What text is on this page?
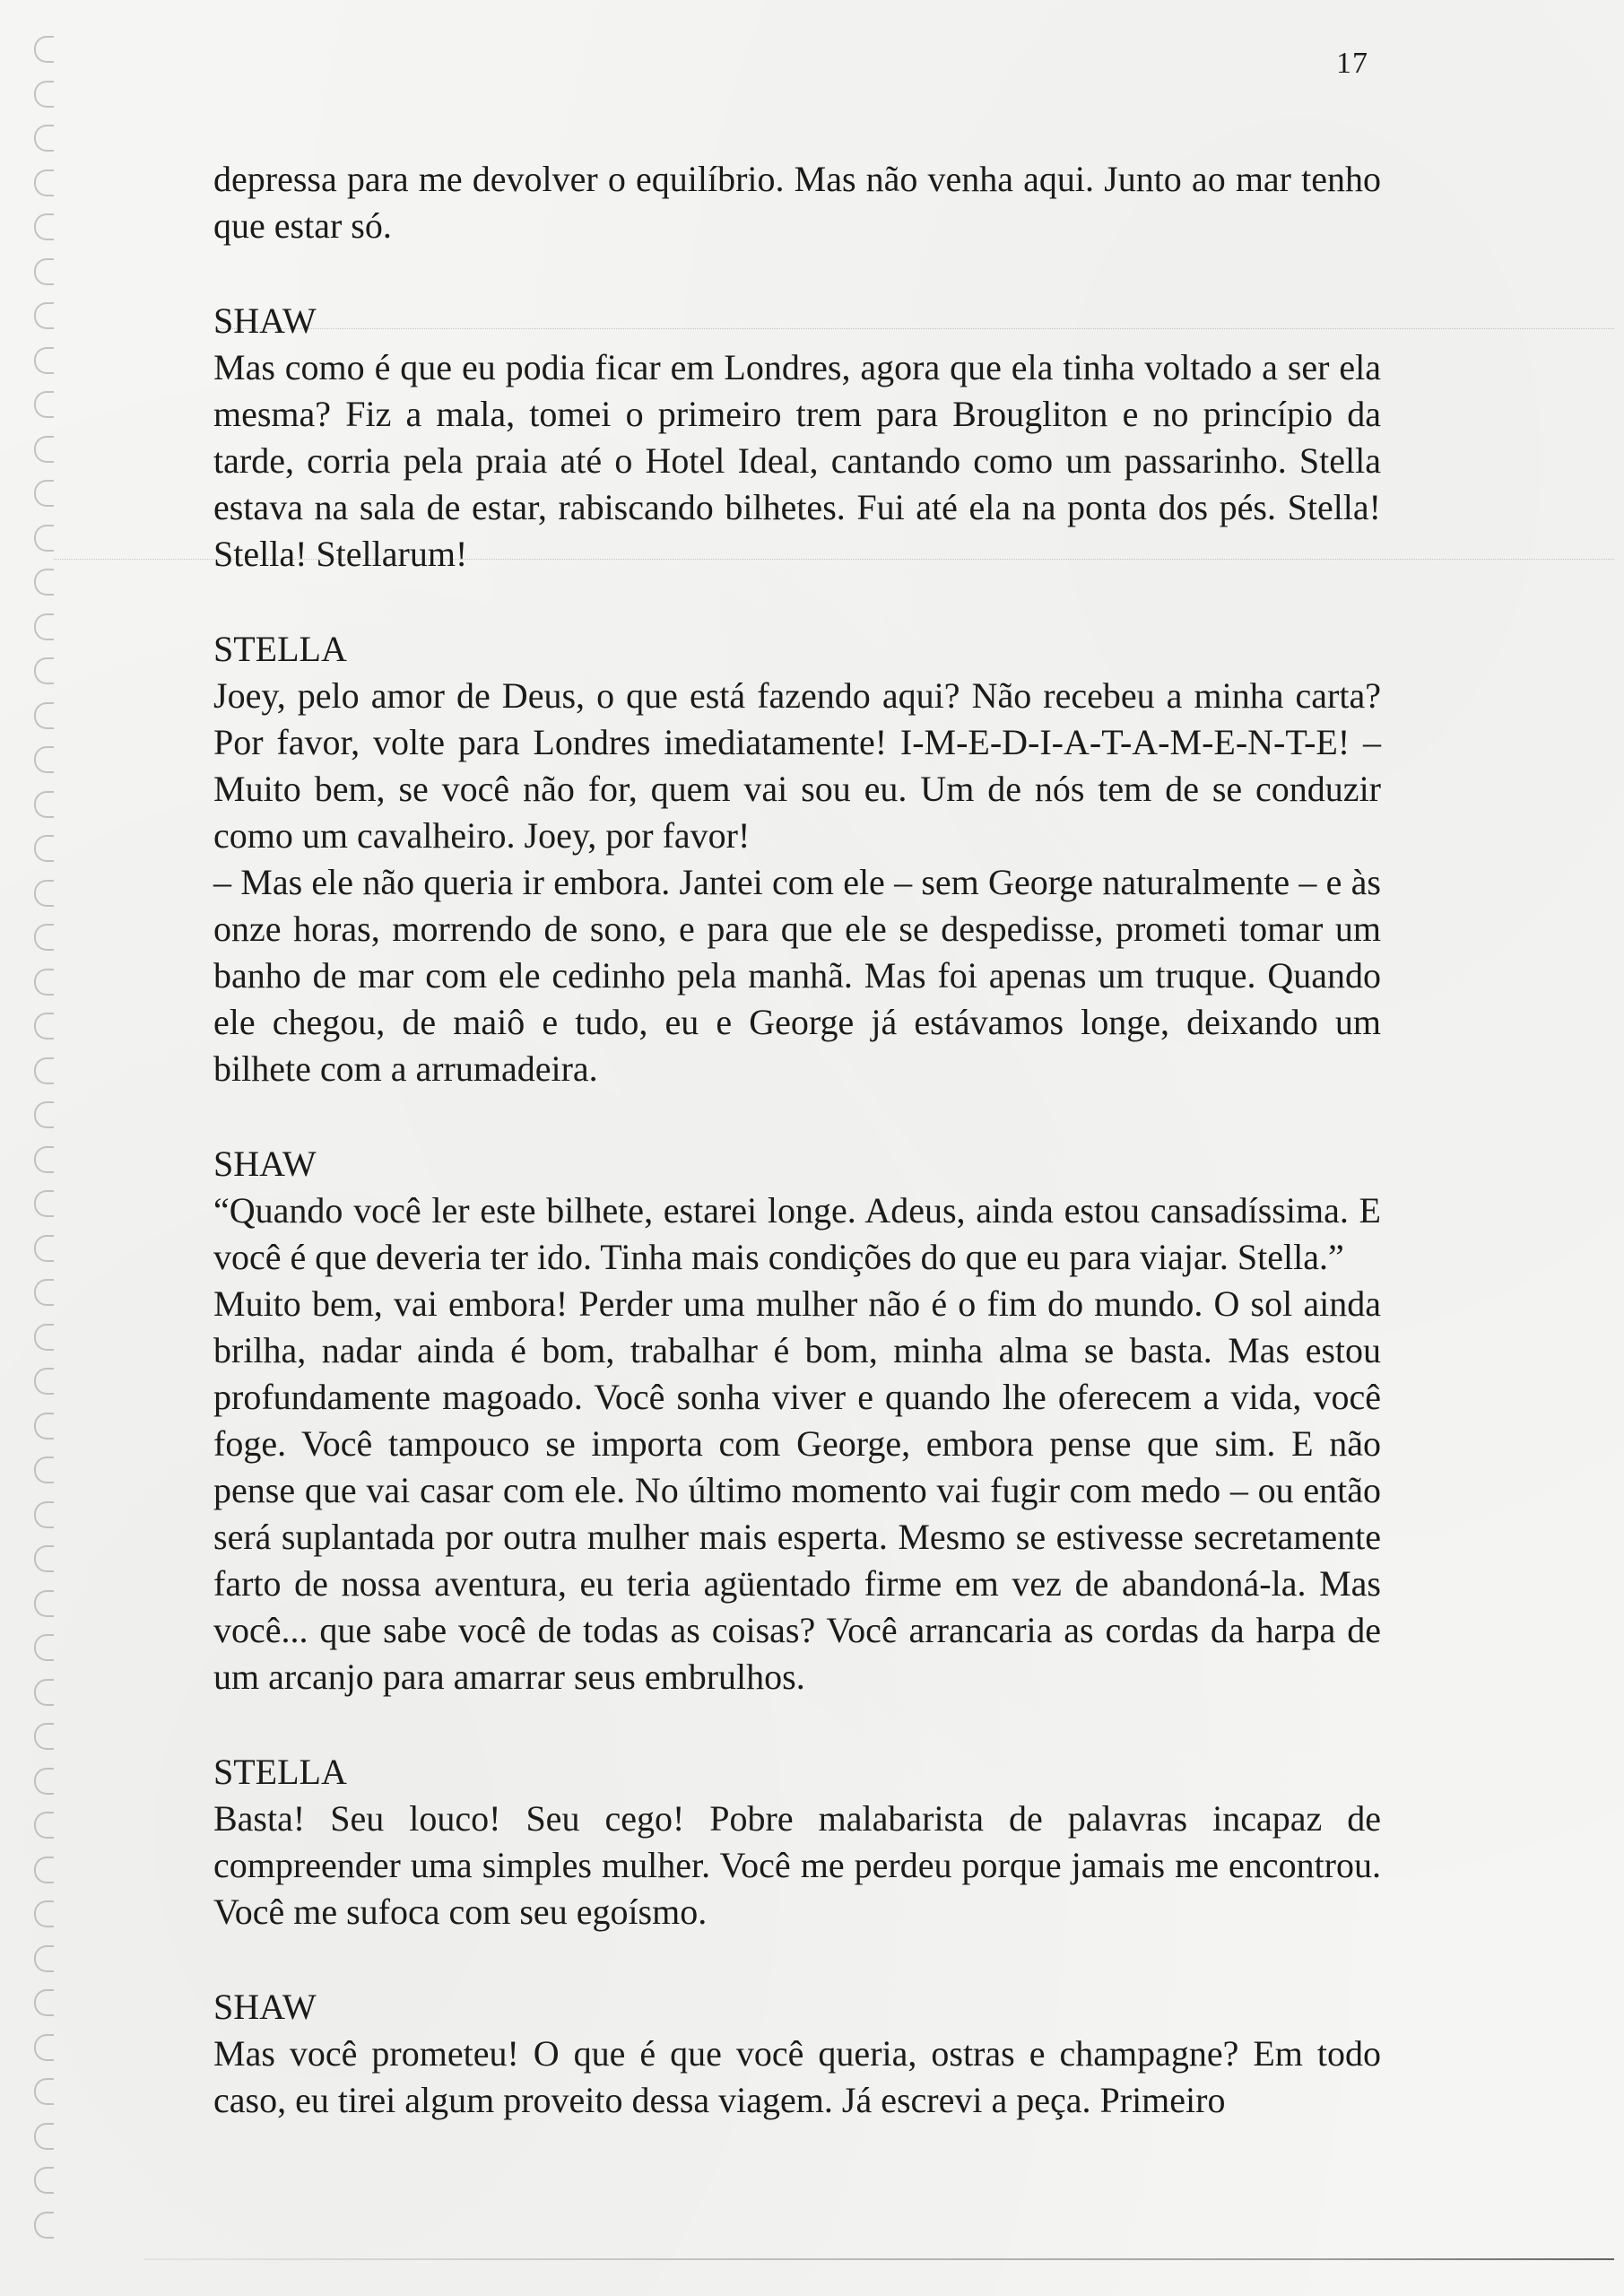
17

depressa para me devolver o equilíbrio. Mas não venha aqui. Junto ao mar tenho que estar só.

SHAW

Mas como é que eu podia ficar em Londres, agora que ela tinha voltado a ser ela mesma? Fiz a mala, tomei o primeiro trem para Brougliton e no princípio da tarde, corria pela praia até o Hotel Ideal, cantando como um passarinho. Stella estava na sala de estar, rabiscando bilhetes. Fui até ela na ponta dos pés. Stella! Stella! Stellarum!

STELLA

Joey, pelo amor de Deus, o que está fazendo aqui? Não recebeu a minha carta? Por favor, volte para Londres imediatamente! I-M-E-D-I-A-T-A-M-E-N-T-E! – Muito bem, se você não for, quem vai sou eu. Um de nós tem de se conduzir como um cavalheiro. Joey, por favor!

– Mas ele não queria ir embora. Jantei com ele – sem George naturalmente – e às onze horas, morrendo de sono, e para que ele se despedisse, prometi tomar um banho de mar com ele cedinho pela manhã. Mas foi apenas um truque. Quando ele chegou, de maiô e tudo, eu e George já estávamos longe, deixando um bilhete com a arrumadeira.

SHAW

“Quando você ler este bilhete, estarei longe. Adeus, ainda estou cansadíssima. E você é que deveria ter ido. Tinha mais condições do que eu para viajar. Stella.”

Muito bem, vai embora! Perder uma mulher não é o fim do mundo. O sol ainda brilha, nadar ainda é bom, trabalhar é bom, minha alma se basta. Mas estou profundamente magoado. Você sonha viver e quando lhe oferecem a vida, você foge. Você tampouco se importa com George, embora pense que sim. E não pense que vai casar com ele. No último momento vai fugir com medo – ou então será suplantada por outra mulher mais esperta. Mesmo se estivesse secretamente farto de nossa aventura, eu teria agüentado firme em vez de abandoná-la. Mas você... que sabe você de todas as coisas? Você arrancaria as cordas da harpa de um arcanjo para amarrar seus embrulhos.

STELLA

Basta! Seu louco! Seu cego! Pobre malabarista de palavras incapaz de compreender uma simples mulher. Você me perdeu porque jamais me encontrou. Você me sufoca com seu egoísmo.

SHAW

Mas você prometeu! O que é que você queria, ostras e champagne? Em todo caso, eu tirei algum proveito dessa viagem. Já escrevi a peça. Primeiro
